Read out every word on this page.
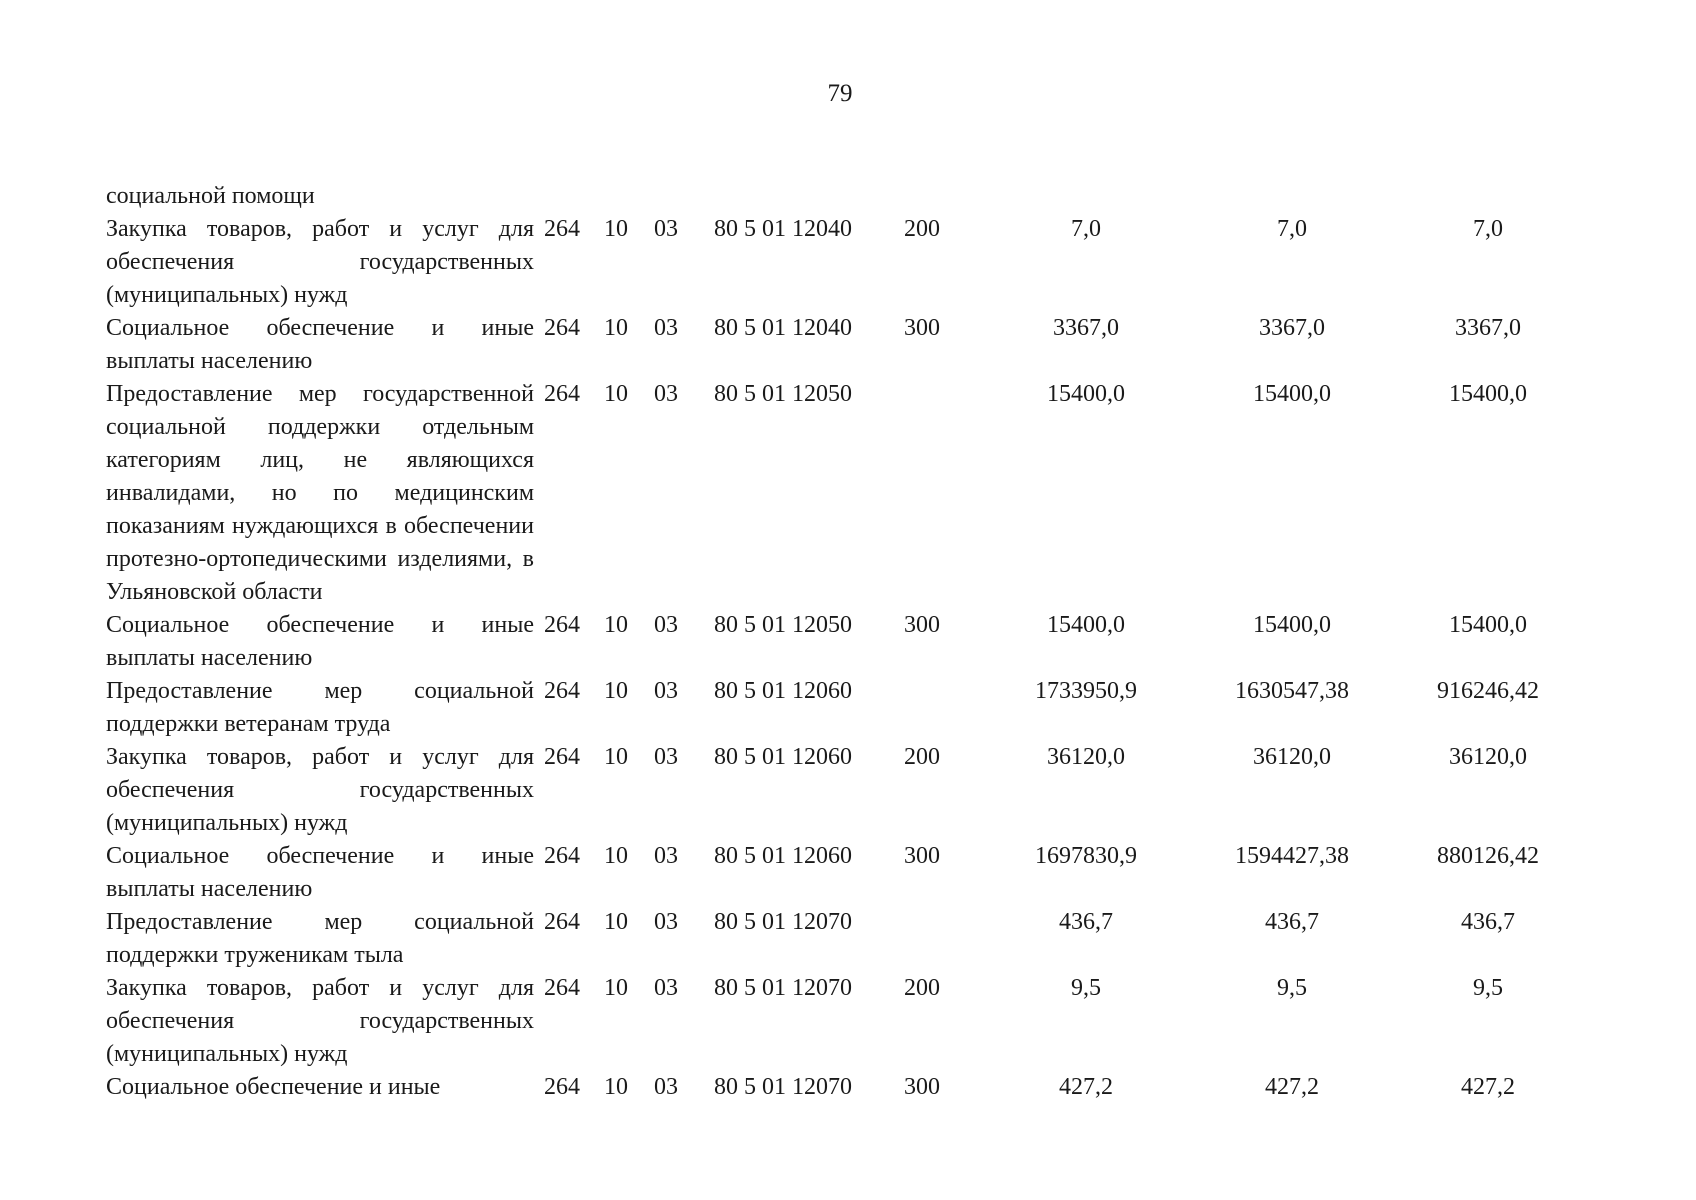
79
социальной помощи								
Закупка товаров, работ и услуг для обеспечения государственных (муниципальных) нужд	264	10	03	80 5 01 12040	200	7,0	7,0	7,0
Социальное обеспечение и иные выплаты населению	264	10	03	80 5 01 12040	300	3367,0	3367,0	3367,0
Предоставление мер государственной социальной поддержки отдельным категориям лиц, не являющихся инвалидами, но по медицинским показаниям нуждающихся в обеспечении протезно-ортопедическими изделиями, в Ульяновской области	264	10	03	80 5 01 12050		15400,0	15400,0	15400,0
Социальное обеспечение и иные выплаты населению	264	10	03	80 5 01 12050	300	15400,0	15400,0	15400,0
Предоставление мер социальной поддержки ветеранам труда	264	10	03	80 5 01 12060		1733950,9	1630547,38	916246,42
Закупка товаров, работ и услуг для обеспечения государственных (муниципальных) нужд	264	10	03	80 5 01 12060	200	36120,0	36120,0	36120,0
Социальное обеспечение и иные выплаты населению	264	10	03	80 5 01 12060	300	1697830,9	1594427,38	880126,42
Предоставление мер социальной поддержки труженикам тыла	264	10	03	80 5 01 12070		436,7	436,7	436,7
Закупка товаров, работ и услуг для обеспечения государственных (муниципальных) нужд	264	10	03	80 5 01 12070	200	9,5	9,5	9,5
Социальное обеспечение и иные	264	10	03	80 5 01 12070	300	427,2	427,2	427,2
